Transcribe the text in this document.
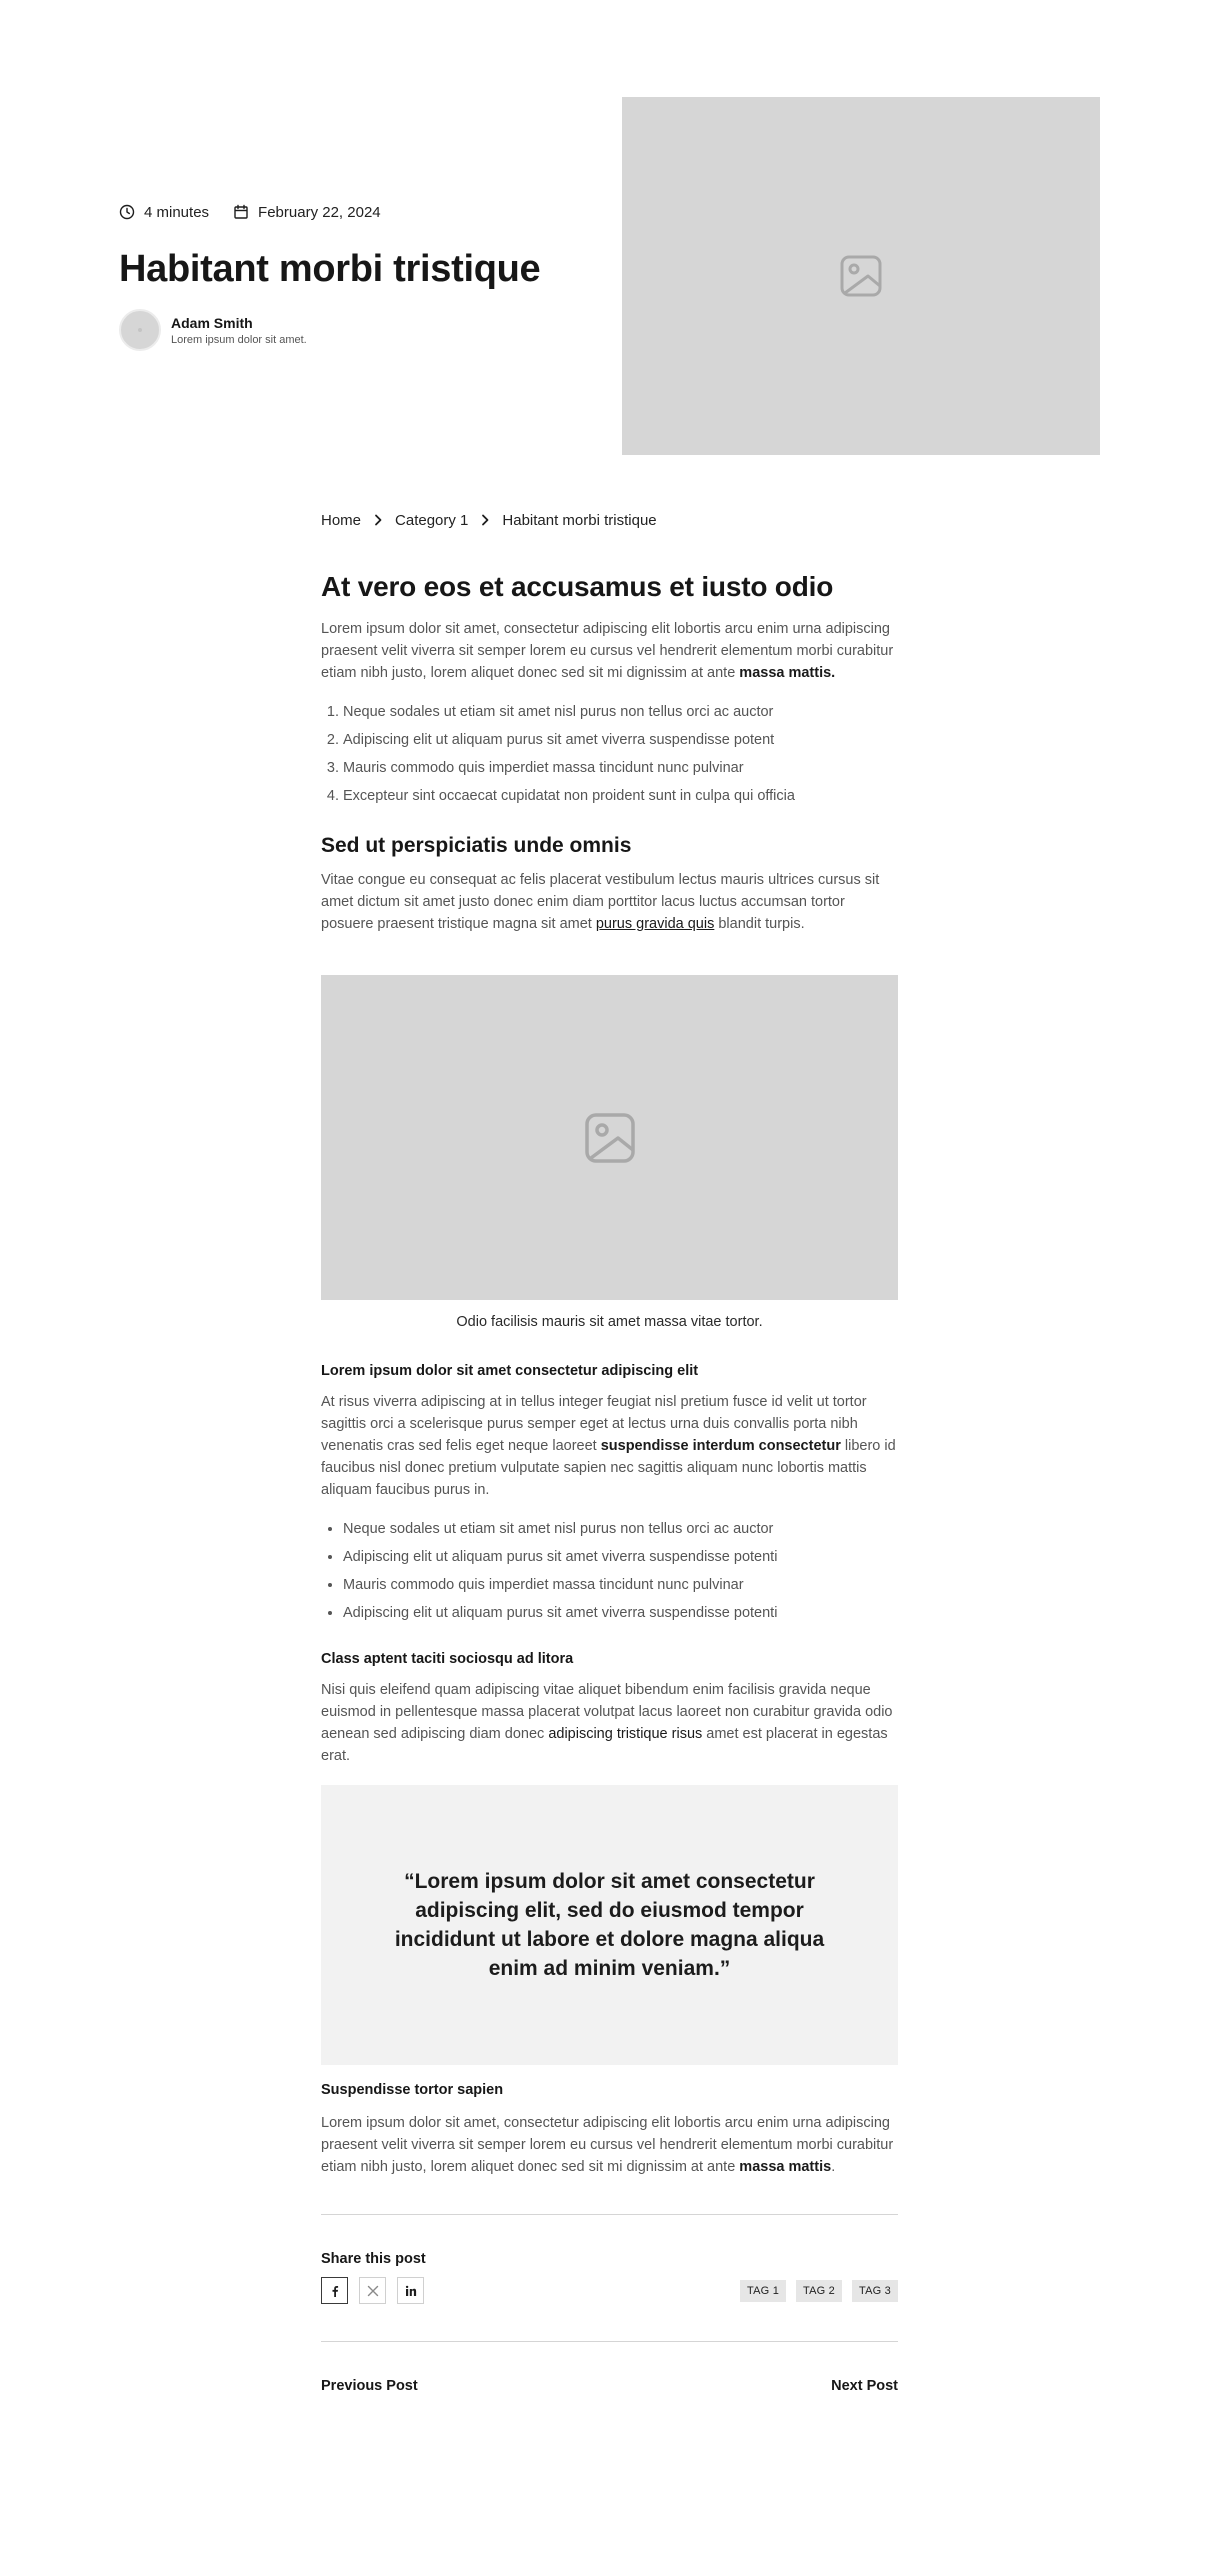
4 minutes	February 22, 2024
Habitant morbi tristique
Adam Smith
Lorem ipsum dolor sit amet.
Home Category 1 Habitant morbi tristique
At vero eos et accusamus et iusto odio

Lorem ipsum dolor sit amet, consectetur adipiscing elit lobortis arcu enim urna adipiscing praesent velit viverra sit semper lorem eu cursus vel hendrerit elementum morbi curabitur etiam nibh justo, lorem aliquet donec sed sit mi dignissim at ante massa mattis.

1. Neque sodales ut etiam sit amet nisl purus non tellus orci ac auctor
2. Adipiscing elit ut aliquam purus sit amet viverra suspendisse potent
3. Mauris commodo quis imperdiet massa tincidunt nunc pulvinar
4. Excepteur sint occaecat cupidatat non proident sunt in culpa qui officia
Sed ut perspiciatis unde omnis

Vitae congue eu consequat ac felis placerat vestibulum lectus mauris ultrices cursus sit amet dictum sit amet justo donec enim diam porttitor lacus luctus accumsan tortor posuere praesent tristique magna sit amet purus gravida quis blandit turpis.

Odio facilisis mauris sit amet massa vitae tortor.

Lorem ipsum dolor sit amet consectetur adipiscing elit

At risus viverra adipiscing at in tellus integer feugiat nisl pretium fusce id velit ut tortor sagittis orci a scelerisque purus semper eget at lectus urna duis convallis porta nibh venenatis cras sed felis eget neque laoreet suspendisse interdum consectetur libero id faucibus nisl donec pretium vulputate sapien nec sagittis aliquam nunc lobortis mattis aliquam faucibus purus in.

• Neque sodales ut etiam sit amet nisl purus non tellus orci ac auctor
• Adipiscing elit ut aliquam purus sit amet viverra suspendisse potenti
• Mauris commodo quis imperdiet massa tincidunt nunc pulvinar
• Adipiscing elit ut aliquam purus sit amet viverra suspendisse potenti
Class aptent taciti sociosqu ad litora

Nisi quis eleifend quam adipiscing vitae aliquet bibendum enim facilisis gravida neque euismod in pellentesque massa placerat volutpat lacus laoreet non curabitur gravida odio aenean sed adipiscing diam donec adipiscing tristique risus amet est placerat in egestas erat.

“Lorem ipsum dolor sit amet consectetur adipiscing elit, sed do eiusmod tempor incididunt ut labore et dolore magna aliqua enim ad minim veniam.”
Suspendisse tortor sapien

Lorem ipsum dolor sit amet, consectetur adipiscing elit lobortis arcu enim urna adipiscing praesent velit viverra sit semper lorem eu cursus vel hendrerit elementum morbi curabitur etiam nibh justo, lorem aliquet donec sed sit mi dignissim at ante massa mattis.

Share this post
TAG 1	TAG 2	TAG 3
Previous Post	Next Post
